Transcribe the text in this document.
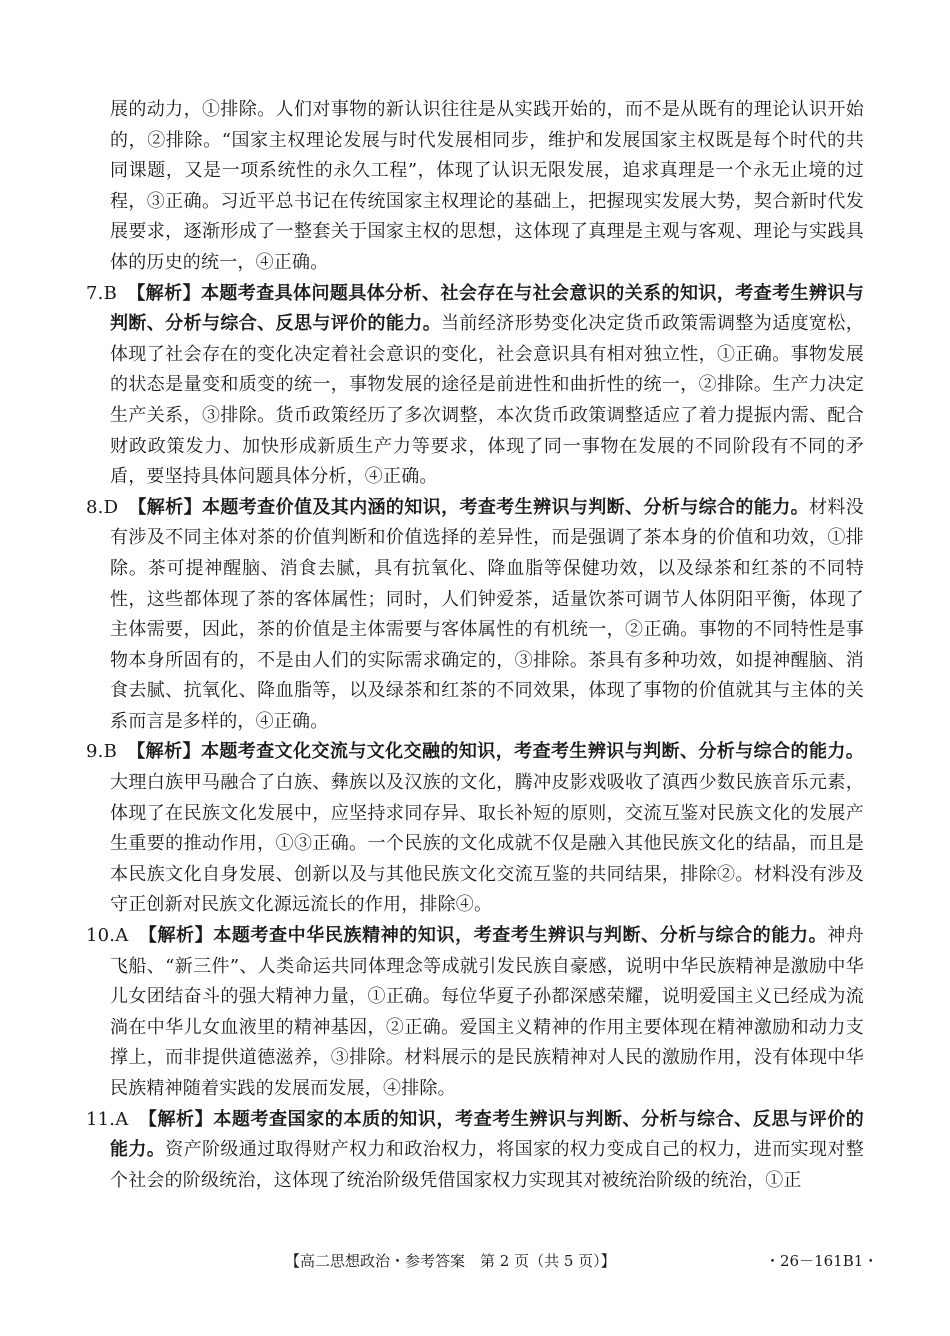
展的动力，①排除。人们对事物的新认识往往是从实践开始的，而不是从既有的理论认识开始的，②排除。“国家主权理论发展与时代发展相同步，维护和发展国家主权既是每个时代的共同课题，又是一项系统性的永久工程”，体现了认识无限发展，追求真理是一个永无止境的过程，③正确。习近平总书记在传统国家主权理论的基础上，把握现实发展大势，契合新时代发展要求，逐渐形成了一整套关于国家主权的思想，这体现了真理是主观与客观、理论与实践具体的历史的统一，④正确。
7.B 【解析】本题考查具体问题具体分析、社会存在与社会意识的关系的知识，考查考生辨识与判断、分析与综合、反思与评价的能力。当前经济形势变化决定货币政策需调整为适度宽松，体现了社会存在的变化决定着社会意识的变化，社会意识具有相对独立性，①正确。事物发展的状态是量变和质变的统一，事物发展的途径是前进性和曲折性的统一，②排除。生产力决定生产关系，③排除。货币政策经历了多次调整，本次货币政策调整适应了着力提振内需、配合财政政策发力、加快形成新质生产力等要求，体现了同一事物在发展的不同阶段有不同的矛盾，要坚持具体问题具体分析，④正确。
8.D 【解析】本题考查价值及其内涵的知识，考查考生辨识与判断、分析与综合的能力。材料没有涉及不同主体对茶的价值判断和价值选择的差异性，而是强调了茶本身的价值和功效，①排除。茶可提神醒脑、消食去腻，具有抗氧化、降血脂等保健功效，以及绿茶和红茶的不同特性，这些都体现了茶的客体属性；同时，人们钟爱茶，适量饮茶可调节人体阴阳平衡，体现了主体需要，因此，茶的价值是主体需要与客体属性的有机统一，②正确。事物的不同特性是事物本身所固有的，不是由人们的实际需求确定的，③排除。茶具有多种功效，如提神醒脑、消食去腻、抗氧化、降血脂等，以及绿茶和红茶的不同效果，体现了事物的价值就其与主体的关系而言是多样的，④正确。
9.B 【解析】本题考查文化交流与文化交融的知识，考查考生辨识与判断、分析与综合的能力。大理白族甲马融合了白族、彝族以及汉族的文化，腾冲皮影戏吸收了滇西少数民族音乐元素，体现了在民族文化发展中，应坚持求同存异、取长补短的原则，交流互鉴对民族文化的发展产生重要的推动作用，①③正确。一个民族的文化成就不仅是融入其他民族文化的结晶，而且是本民族文化自身发展、创新以及与其他民族文化交流互鉴的共同结果，排除②。材料没有涉及守正创新对民族文化源远流长的作用，排除④。
10.A 【解析】本题考查中华民族精神的知识，考查考生辨识与判断、分析与综合的能力。神舟飞船、“新三件”、人类命运共同体理念等成就引发民族自豪感，说明中华民族精神是激励中华儿女团结奋斗的强大精神力量，①正确。每位华夏子孙都深感荣耀，说明爱国主义已经成为流淌在中华儿女血液里的精神基因，②正确。爱国主义精神的作用主要体现在精神激励和动力支撑上，而非提供道德滋养，③排除。材料展示的是民族精神对人民的激励作用，没有体现中华民族精神随着实践的发展而发展，④排除。
11.A 【解析】本题考查国家的本质的知识，考查考生辨识与判断、分析与综合、反思与评价的能力。资产阶级通过取得财产权力和政治权力，将国家的权力变成自己的权力，进而实现对整个社会的阶级统治，这体现了统治阶级凭借国家权力实现其对被统治阶级的统治，①正
【高二思想政治・参考答案　第 2 页（共 5 页）】	・26－161B1・
